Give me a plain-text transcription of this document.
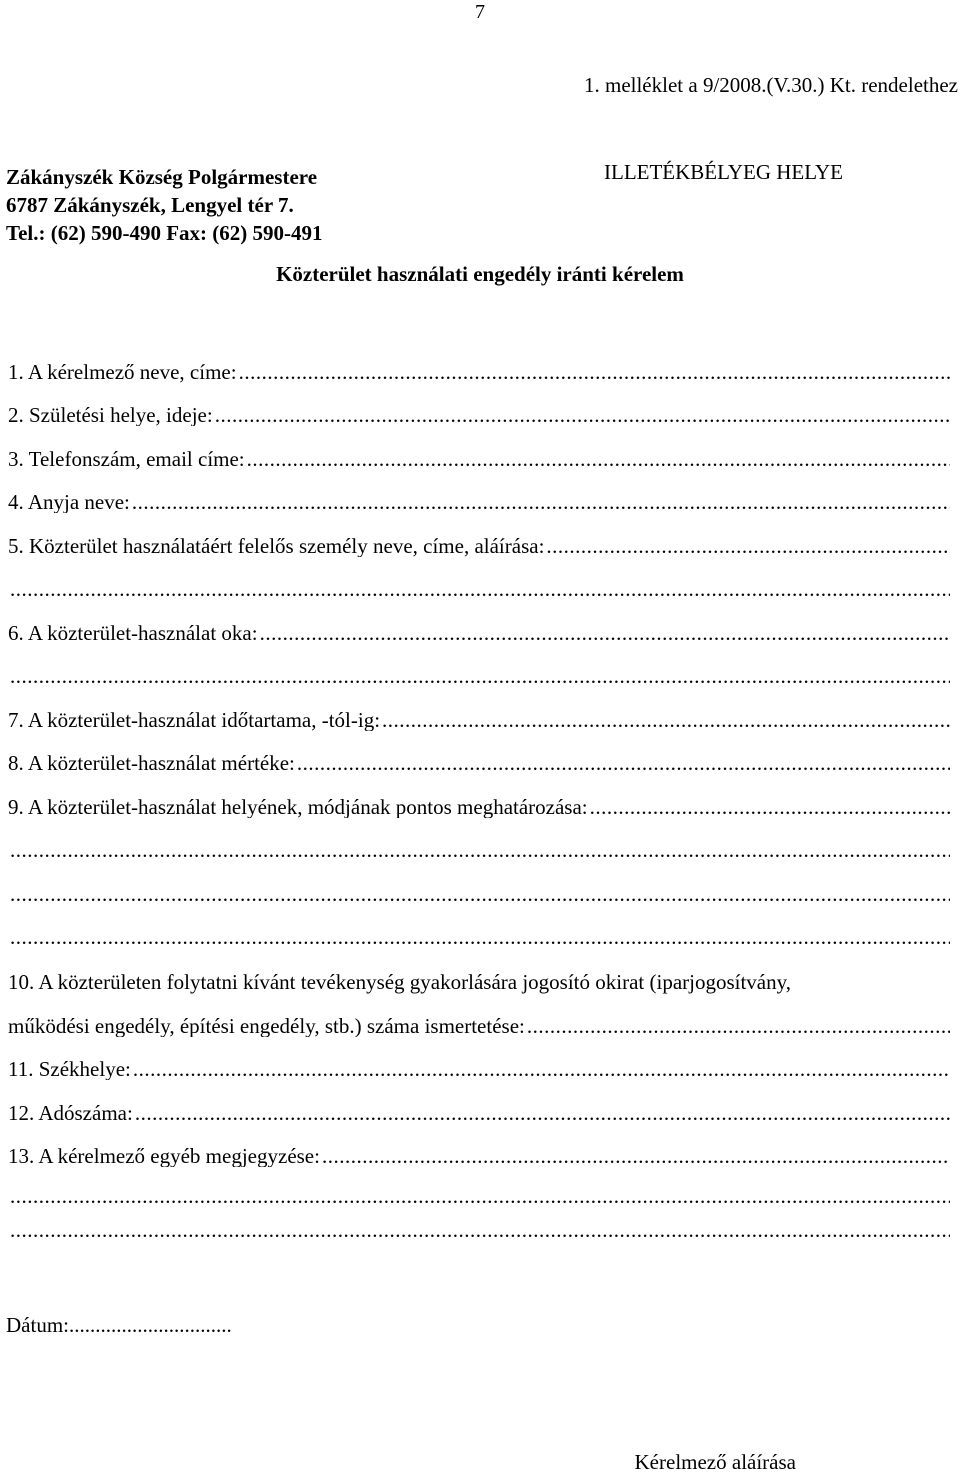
7
1. melléklet a 9/2008.(V.30.) Kt. rendelethez
Zákányszék Község Polgármestere
6787 Zákányszék, Lengyel tér 7.
Tel.: (62) 590-490 Fax: (62) 590-491
ILLETÉKBÉLYEG HELYE
Közterület használati engedély iránti kérelem
1. A kérelmező neve, címe:
.....
2. Születési helye, ideje:
.....
3. Telefonszám, email címe:
.....
4. Anyja neve:
.....
5. Közterület használatáért felelős személy neve, címe, aláírása:
.....
.....
6. A közterület-használat oka:
.....
.....
7. A közterület-használat időtartama, -tól-ig:
.....
8. A közterület-használat mértéke:
.....
9. A közterület-használat helyének, módjának pontos meghatározása:
.....
.....
.....
.....
10. A közterületen folytatni kívánt tevékenység gyakorlására jogosító okirat (iparjogosítvány,
működési engedély, építési engedély, stb.) száma ismertetése:
.....
11. Székhelye:
.....
12. Adószáma:
.....
13. A kérelmező egyéb megjegyzése:
.....
.....
.....
Dátum:...............................
Kérelmező aláírása
